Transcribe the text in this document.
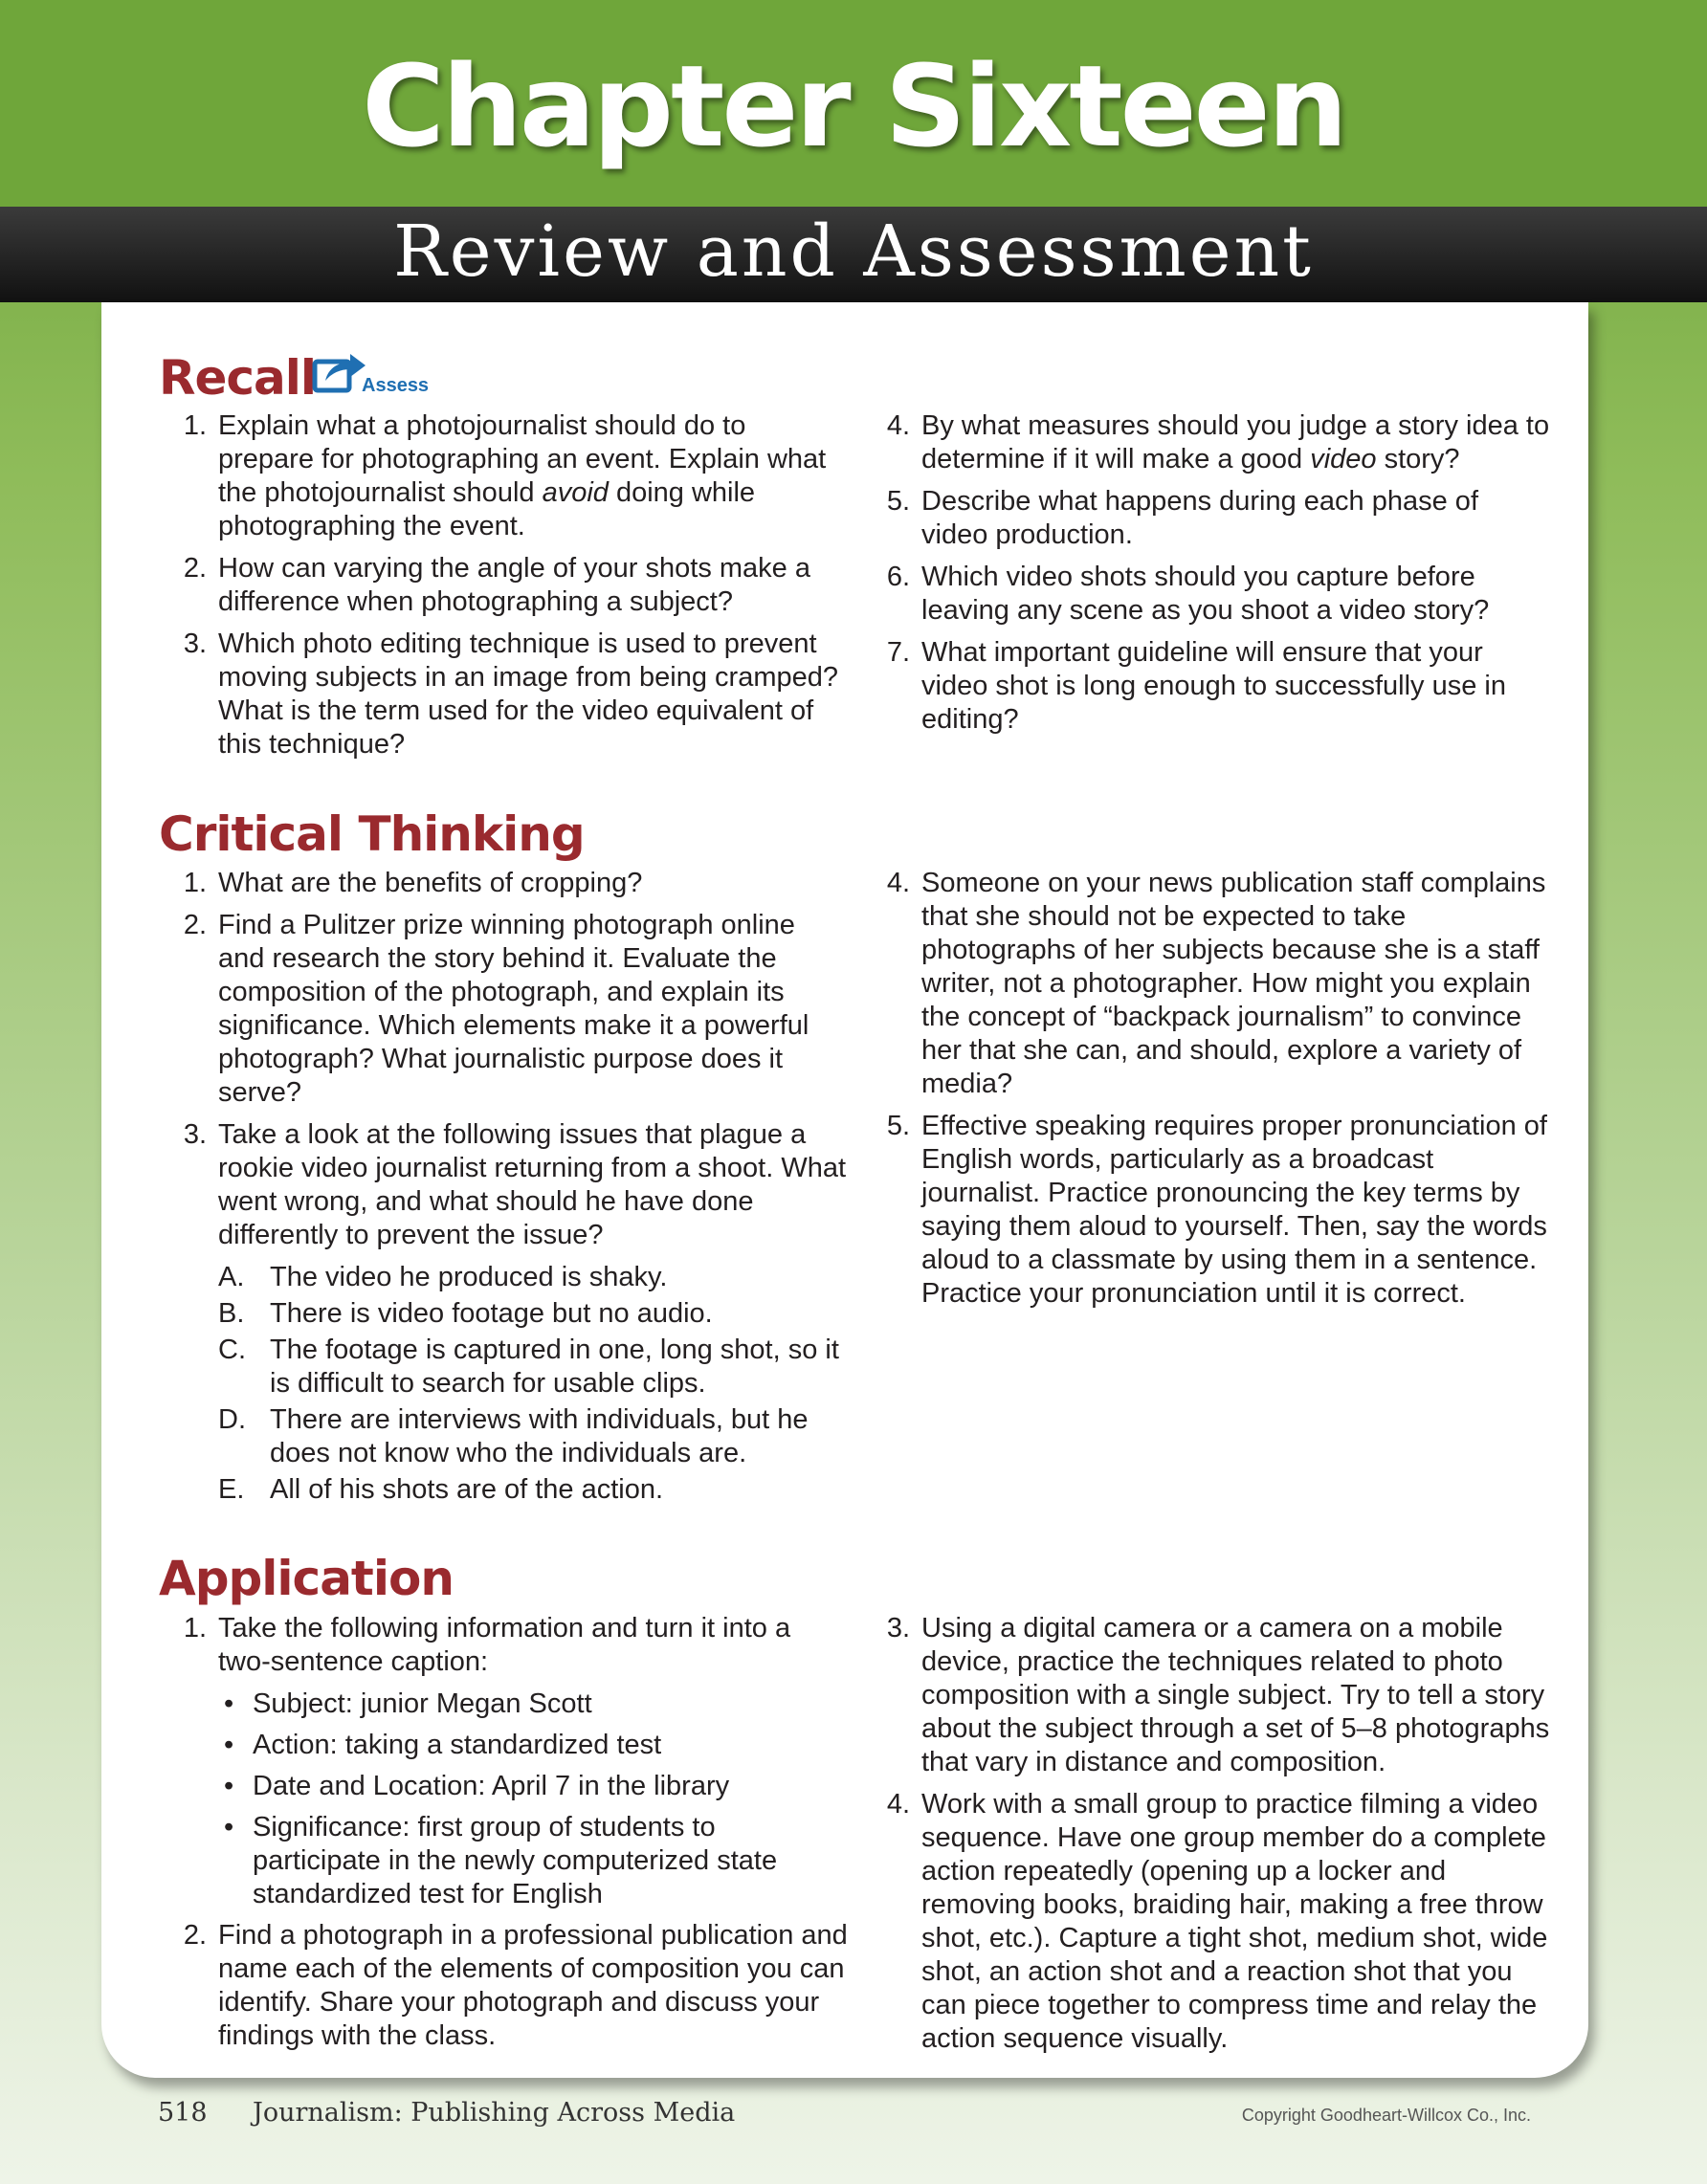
Chapter Sixteen
Review and Assessment
Recall Assess
1. Explain what a photojournalist should do to prepare for photographing an event. Explain what the photojournalist should avoid doing while photographing the event.
2. How can varying the angle of your shots make a difference when photographing a subject?
3. Which photo editing technique is used to prevent moving subjects in an image from being cramped? What is the term used for the video equivalent of this technique?
4. By what measures should you judge a story idea to determine if it will make a good video story?
5. Describe what happens during each phase of video production.
6. Which video shots should you capture before leaving any scene as you shoot a video story?
7. What important guideline will ensure that your video shot is long enough to successfully use in editing?
Critical Thinking
1. What are the benefits of cropping?
2. Find a Pulitzer prize winning photograph online and research the story behind it. Evaluate the composition of the photograph, and explain its significance. Which elements make it a powerful photograph? What journalistic purpose does it serve?
3. Take a look at the following issues that plague a rookie video journalist returning from a shoot. What went wrong, and what should he have done differently to prevent the issue?
A. The video he produced is shaky.
B. There is video footage but no audio.
C. The footage is captured in one, long shot, so it is difficult to search for usable clips.
D. There are interviews with individuals, but he does not know who the individuals are.
E. All of his shots are of the action.
4. Someone on your news publication staff complains that she should not be expected to take photographs of her subjects because she is a staff writer, not a photographer. How might you explain the concept of “backpack journalism” to convince her that she can, and should, explore a variety of media?
5. Effective speaking requires proper pronunciation of English words, particularly as a broadcast journalist. Practice pronouncing the key terms by saying them aloud to yourself. Then, say the words aloud to a classmate by using them in a sentence. Practice your pronunciation until it is correct.
Application
1. Take the following information and turn it into a two-sentence caption:
• Subject: junior Megan Scott
• Action: taking a standardized test
• Date and Location: April 7 in the library
• Significance: first group of students to participate in the newly computerized state standardized test for English
2. Find a photograph in a professional publication and name each of the elements of composition you can identify. Share your photograph and discuss your findings with the class.
3. Using a digital camera or a camera on a mobile device, practice the techniques related to photo composition with a single subject. Try to tell a story about the subject through a set of 5–8 photographs that vary in distance and composition.
4. Work with a small group to practice filming a video sequence. Have one group member do a complete action repeatedly (opening up a locker and removing books, braiding hair, making a free throw shot, etc.). Capture a tight shot, medium shot, wide shot, an action shot and a reaction shot that you can piece together to compress time and relay the action sequence visually.
518 Journalism: Publishing Across Media	Copyright Goodheart-Willcox Co., Inc.
